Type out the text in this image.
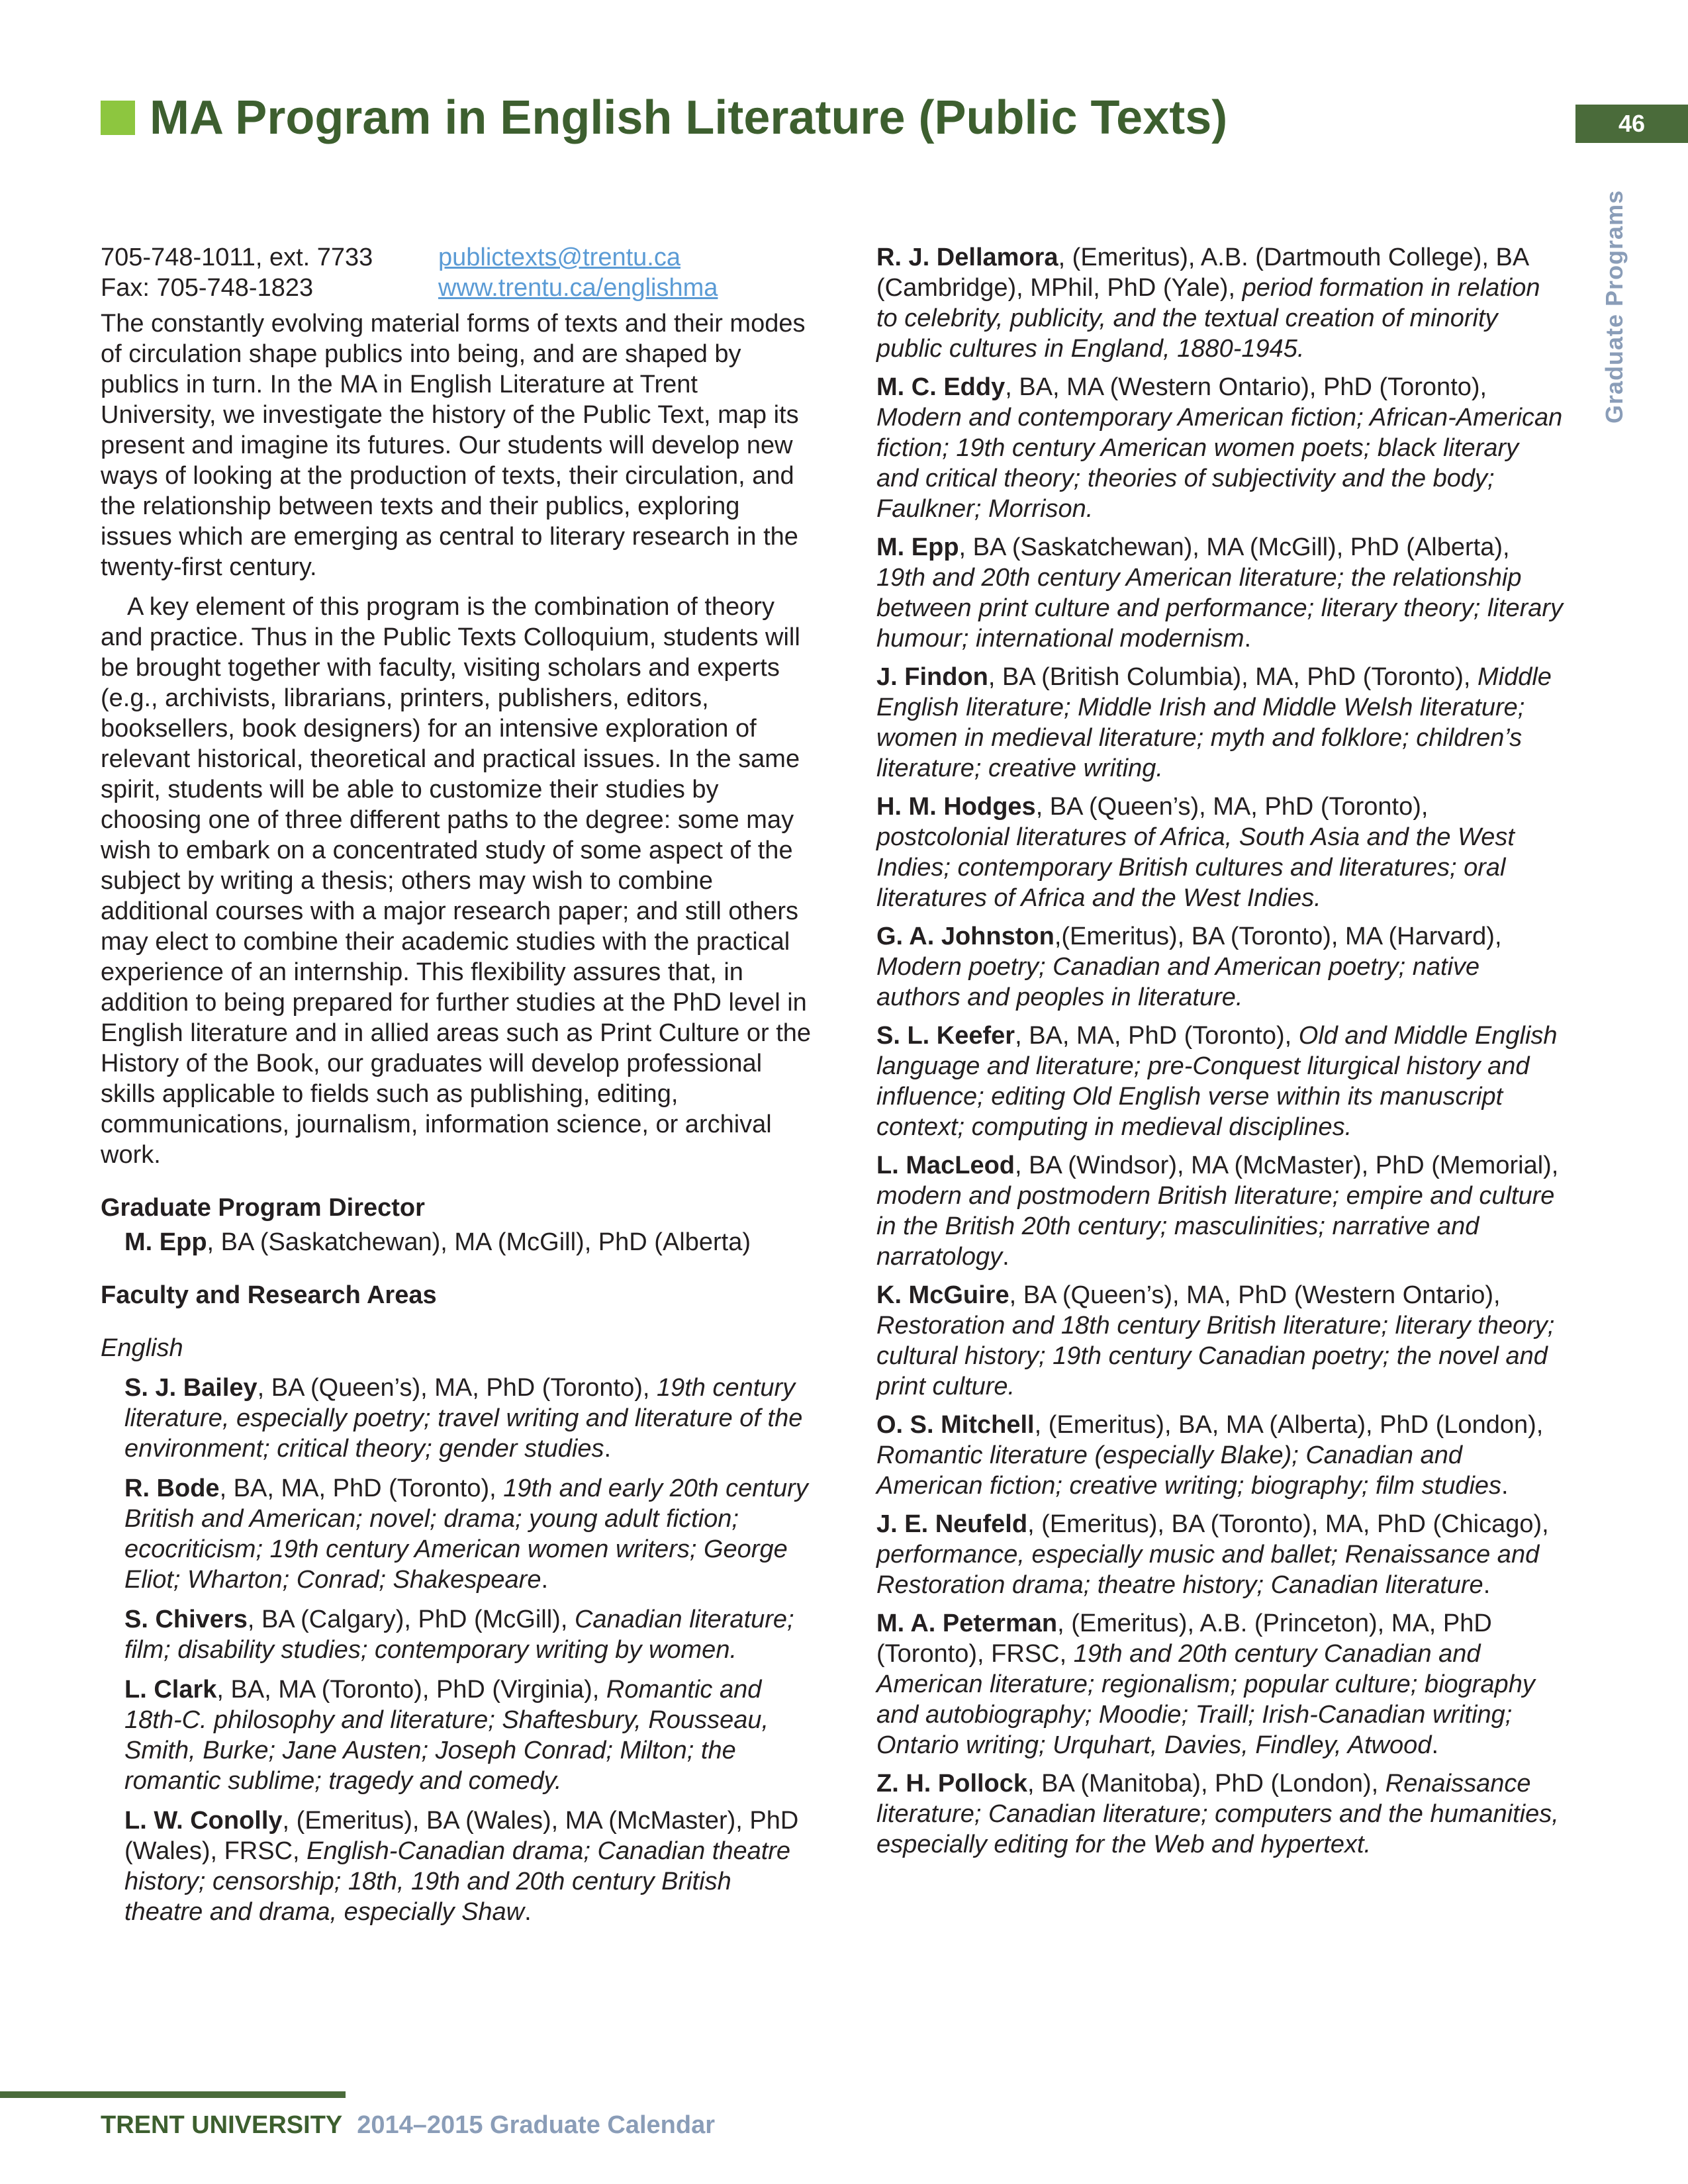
MA Program in English Literature (Public Texts)	46
Graduate Programs
705-748-1011, ext. 7733	publictexts@trentu.ca
Fax: 705-748-1823	www.trentu.ca/englishma

The constantly evolving material forms of texts and their modes of circulation shape publics into being, and are shaped by publics in turn. In the MA in English Literature at Trent University, we investigate the history of the Public Text, map its present and imagine its futures. Our students will develop new ways of looking at the production of texts, their circulation, and the relationship between texts and their publics, exploring issues which are emerging as central to literary research in the twenty-first century.

A key element of this program is the combination of theory and practice. Thus in the Public Texts Colloquium, students will be brought together with faculty, visiting scholars and experts (e.g., archivists, librarians, printers, publishers, editors, booksellers, book designers) for an intensive exploration of relevant historical, theoretical and practical issues. In the same spirit, students will be able to customize their studies by choosing one of three different paths to the degree: some may wish to embark on a concentrated study of some aspect of the subject by writing a thesis; others may wish to combine additional courses with a major research paper; and still others may elect to combine their academic studies with the practical experience of an internship. This flexibility assures that, in addition to being prepared for further studies at the PhD level in English literature and in allied areas such as Print Culture or the History of the Book, our graduates will develop professional skills applicable to fields such as publishing, editing, communications, journalism, information science, or archival work.

Graduate Program Director

M. Epp, BA (Saskatchewan), MA (McGill), PhD (Alberta)

Faculty and Research Areas

English

S. J. Bailey, BA (Queen’s), MA, PhD (Toronto), 19th century literature, especially poetry; travel writing and literature of the environment; critical theory; gender studies.

R. Bode, BA, MA, PhD (Toronto), 19th and early 20th century British and American; novel; drama; young adult fiction; ecocriticism; 19th century American women writers; George Eliot; Wharton; Conrad; Shakespeare.

S. Chivers, BA (Calgary), PhD (McGill), Canadian literature; film; disability studies; contemporary writing by women.

L. Clark, BA, MA (Toronto), PhD (Virginia), Romantic and 18th-C. philosophy and literature; Shaftesbury, Rousseau, Smith, Burke; Jane Austen; Joseph Conrad; Milton; the romantic sublime; tragedy and comedy.

L. W. Conolly, (Emeritus), BA (Wales), MA (McMaster), PhD (Wales), FRSC, English-Canadian drama; Canadian theatre history; censorship; 18th, 19th and 20th century British theatre and drama, especially Shaw.

R. J. Dellamora, (Emeritus), A.B. (Dartmouth College), BA (Cambridge), MPhil, PhD (Yale), period formation in relation to celebrity, publicity, and the textual creation of minority public cultures in England, 1880-1945.

M. C. Eddy, BA, MA (Western Ontario), PhD (Toronto), Modern and contemporary American fiction; African-American fiction; 19th century American women poets; black literary and critical theory; theories of subjectivity and the body; Faulkner; Morrison.

M. Epp, BA (Saskatchewan), MA (McGill), PhD (Alberta), 19th and 20th century American literature; the relationship between print culture and performance; literary theory; literary humour; international modernism.

J. Findon, BA (British Columbia), MA, PhD (Toronto), Middle English literature; Middle Irish and Middle Welsh literature; women in medieval literature; myth and folklore; children’s literature; creative writing.

H. M. Hodges, BA (Queen’s), MA, PhD (Toronto), postcolonial literatures of Africa, South Asia and the West Indies; contemporary British cultures and literatures; oral literatures of Africa and the West Indies.

G. A. Johnston,(Emeritus), BA (Toronto), MA (Harvard), Modern poetry; Canadian and American poetry; native authors and peoples in literature.

S. L. Keefer, BA, MA, PhD (Toronto), Old and Middle English language and literature; pre-Conquest liturgical history and influence; editing Old English verse within its manuscript context; computing in medieval disciplines.

L. MacLeod, BA (Windsor), MA (McMaster), PhD (Memorial), modern and postmodern British literature; empire and culture in the British 20th century; masculinities; narrative and narratology.

K. McGuire, BA (Queen’s), MA, PhD (Western Ontario), Restoration and 18th century British literature; literary theory; cultural history; 19th century Canadian poetry; the novel and print culture.

O. S. Mitchell, (Emeritus), BA, MA (Alberta), PhD (London), Romantic literature (especially Blake); Canadian and American fiction; creative writing; biography; film studies.

J. E. Neufeld, (Emeritus), BA (Toronto), MA, PhD (Chicago), performance, especially music and ballet; Renaissance and Restoration drama; theatre history; Canadian literature.

M. A. Peterman, (Emeritus), A.B. (Princeton), MA, PhD (Toronto), FRSC, 19th and 20th century Canadian and American literature; regionalism; popular culture; biography and autobiography; Moodie; Traill; Irish-Canadian writing; Ontario writing; Urquhart, Davies, Findley, Atwood.

Z. H. Pollock, BA (Manitoba), PhD (London), Renaissance literature; Canadian literature; computers and the humanities, especially editing for the Web and hypertext.

TRENT UNIVERSITY 2014–2015 Graduate Calendar
